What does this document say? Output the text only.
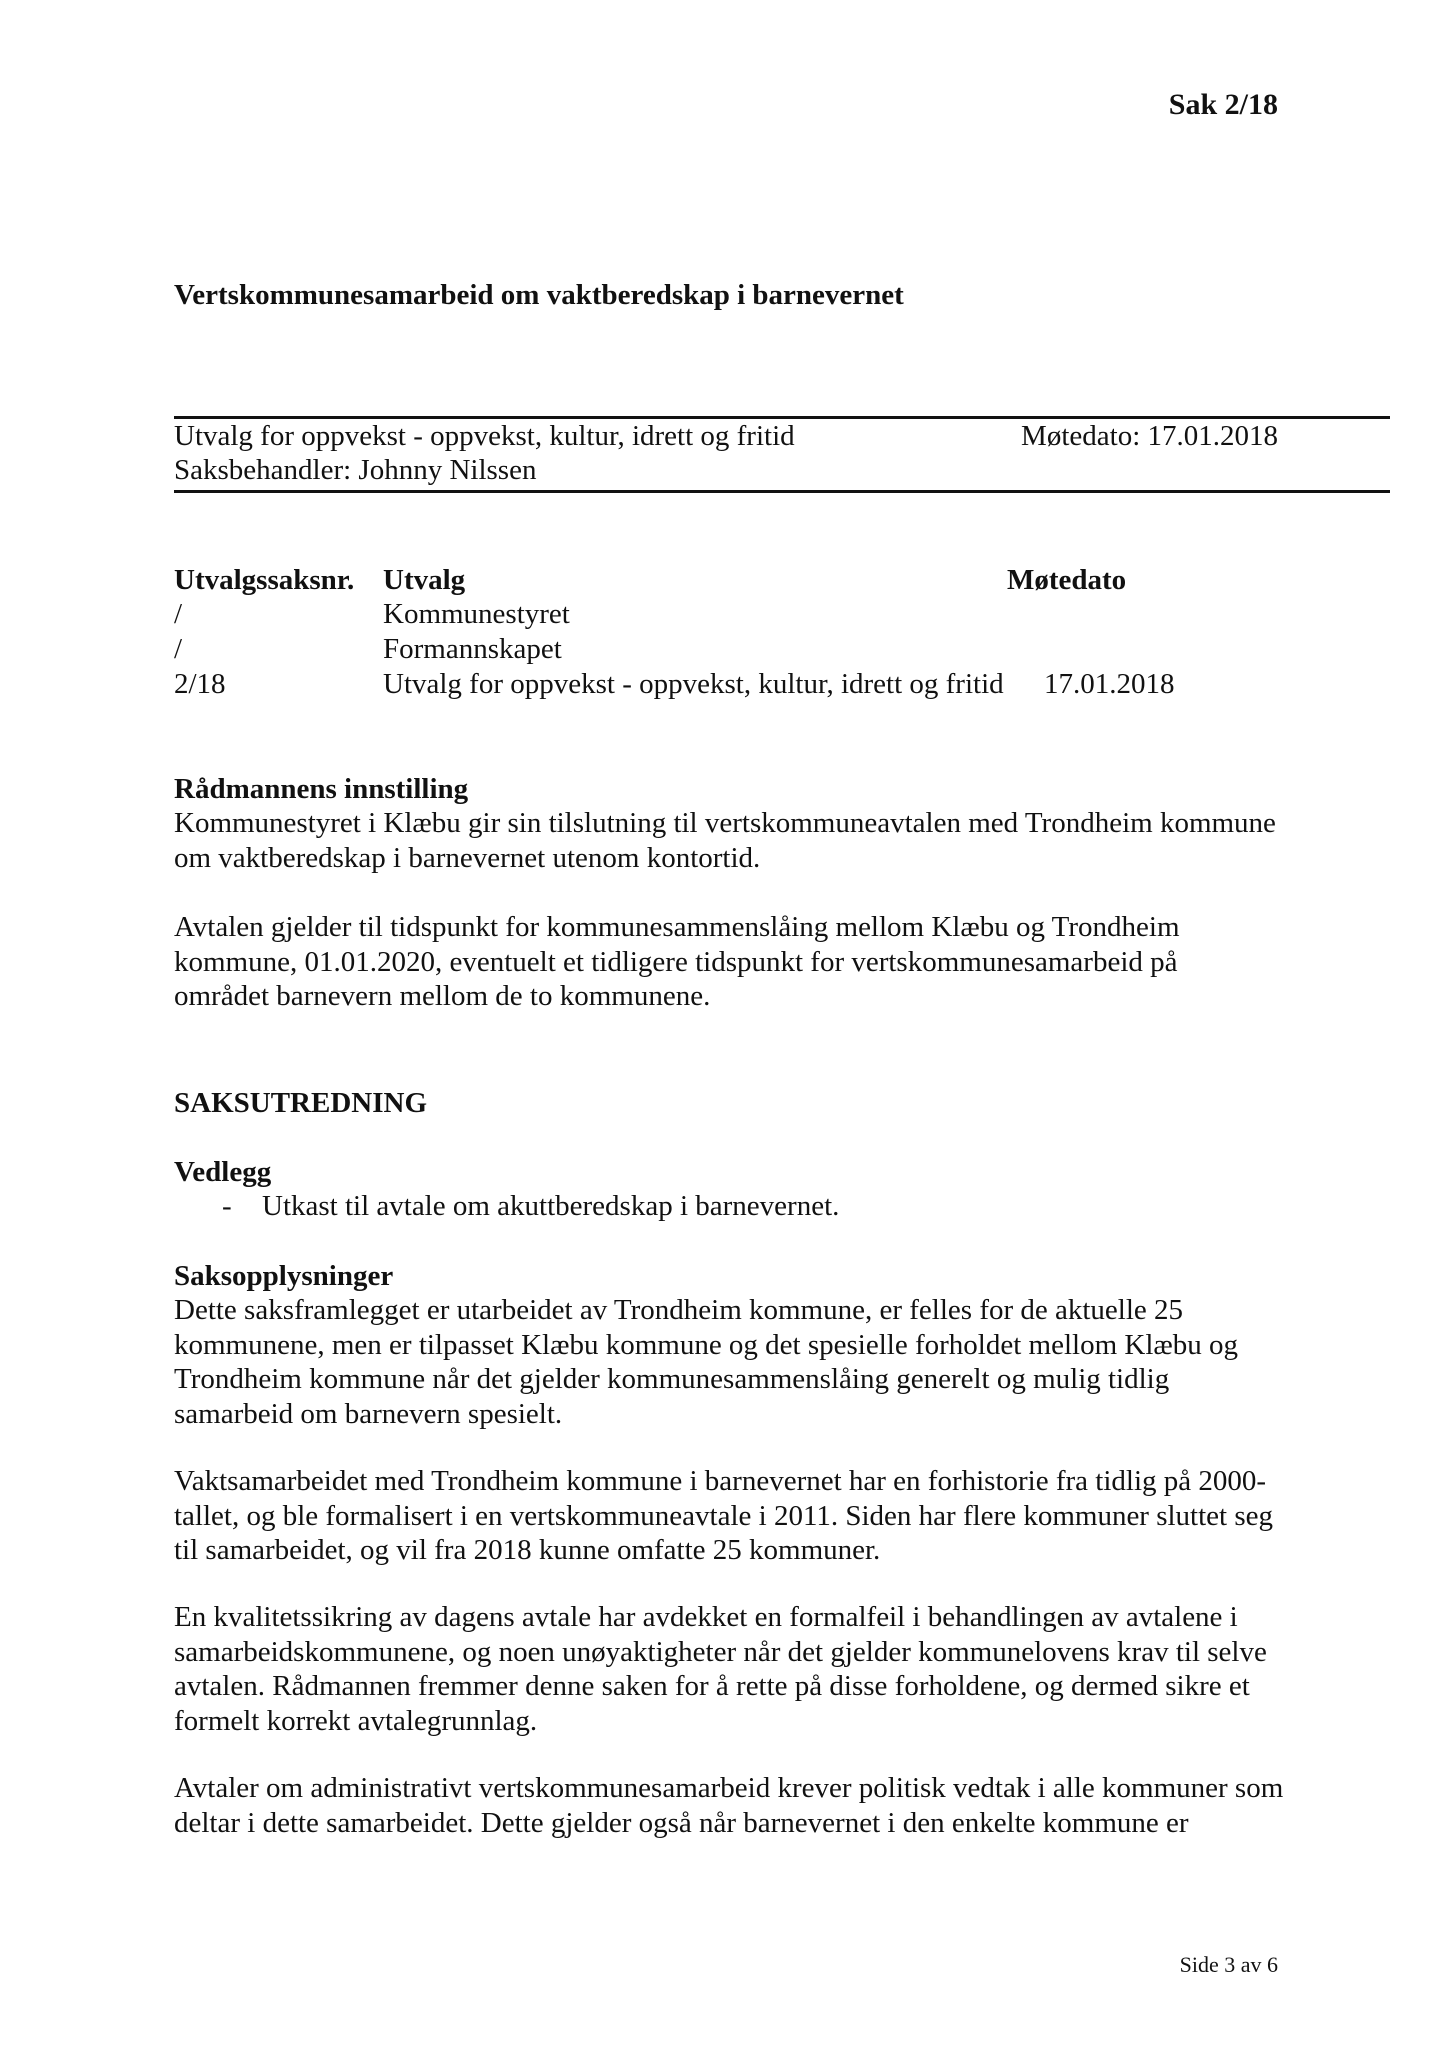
Sak 2/18
Vertskommunesamarbeid om vaktberedskap i barnevernet
Utvalg for oppvekst - oppvekst, kultur, idrett og fritid	Møtedato: 17.01.2018
Saksbehandler: Johnny Nilssen
Utvalgssaksnr. Utvalg	Møtedato
/	Kommunestyret
/	Formannskapet
2/18	Utvalg for oppvekst - oppvekst, kultur, idrett og fritid 17.01.2018
Rådmannens innstilling

Kommunestyret i Klæbu gir sin tilslutning til vertskommuneavtalen med Trondheim kommune
om vaktberedskap i barnevernet utenom kontortid.

Avtalen gjelder til tidspunkt for kommunesammenslåing mellom Klæbu og Trondheim
kommune, 01.01.2020, eventuelt et tidligere tidspunkt for vertskommunesamarbeid på
området barnevern mellom de to kommunene.

SAKSUTREDNING
Vedlegg
- Utkast til avtale om akuttberedskap i barnevernet.
Saksopplysninger

Dette saksframlegget er utarbeidet av Trondheim kommune, er felles for de aktuelle 25
kommunene, men er tilpasset Klæbu kommune og det spesielle forholdet mellom Klæbu og
Trondheim kommune når det gjelder kommunesammenslåing generelt og mulig tidlig
samarbeid om barnevern spesielt.

Vaktsamarbeidet med Trondheim kommune i barnevernet har en forhistorie fra tidlig på 2000-
tallet, og ble formalisert i en vertskommuneavtale i 2011. Siden har flere kommuner sluttet seg
til samarbeidet, og vil fra 2018 kunne omfatte 25 kommuner.

En kvalitetssikring av dagens avtale har avdekket en formalfeil i behandlingen av avtalene i
samarbeidskommunene, og noen unøyaktigheter når det gjelder kommunelovens krav til selve
avtalen. Rådmannen fremmer denne saken for å rette på disse forholdene, og dermed sikre et
formelt korrekt avtalegrunnlag.

Avtaler om administrativt vertskommunesamarbeid krever politisk vedtak i alle kommuner som
deltar i dette samarbeidet. Dette gjelder også når barnevernet i den enkelte kommune er

Side 3 av 6
